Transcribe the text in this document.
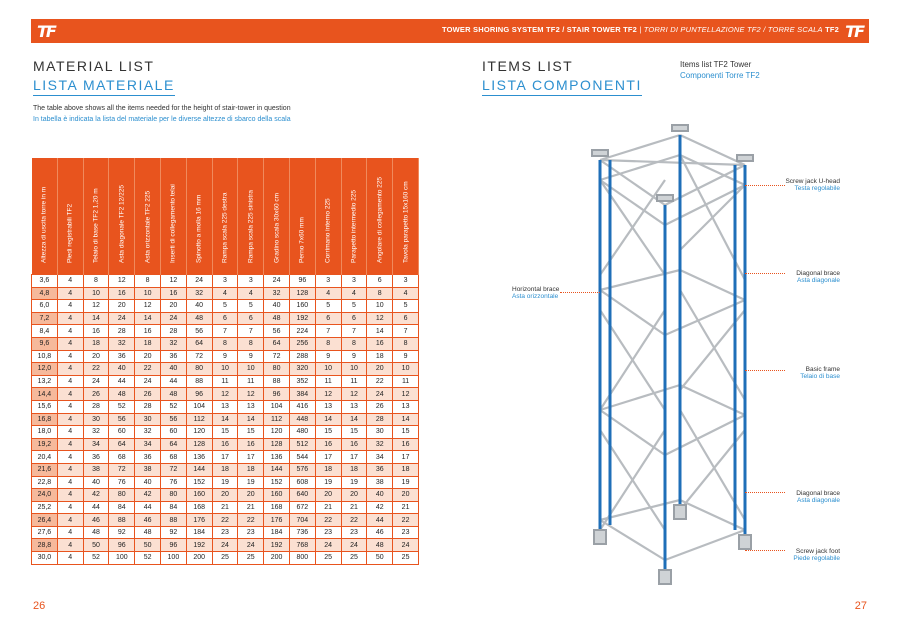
TF	TOWER SHORING SYSTEM TF2 / STAIR TOWER TF2 | TORRI DI PUNTELLAZIONE TF2 / TORRE SCALA TF2 TF
MATERIAL LIST
LISTA MATERIALE
The table above shows all the items needed for the height of stair-tower in question
In tabella è indicata la lista del materiale per le diverse altezze di sbarco della scala
ITEMS LIST
LISTA COMPONENTI
Items list TF2 Tower
Componenti Torre TF2
Altezza di uscita torre in m	Piedi registrabili TF2	Telaio di base TF2 1,20 m	Asta diagonale TF2 12/225	Asta orizzontale TF2 225	Inserti di collegamento telai	Spinotto a molla 16 mm	Rampa scala 225 destra	Rampa scala 225 sinistra	Gradino scala 30x60 cm	Perno 7x60 mm	Corrimano interno 225	Parapetto intermedio 225	Angolare di collegamento 225	Tavola parapetto 15x160 cm

3,6	4	8	12	8	12	24	3	3	24	96	3	3	6	3
4,8	4	10	16	10	16	32	4	4	32	128	4	4	8	4
6,0	4	12	20	12	20	40	5	5	40	160	5	5	10	5
7,2	4	14	24	14	24	48	6	6	48	192	6	6	12	6
8,4	4	16	28	16	28	56	7	7	56	224	7	7	14	7
9,6	4	18	32	18	32	64	8	8	64	256	8	8	16	8
10,8	4	20	36	20	36	72	9	9	72	288	9	9	18	9
12,0	4	22	40	22	40	80	10	10	80	320	10	10	20	10
13,2	4	24	44	24	44	88	11	11	88	352	11	11	22	11
14,4	4	26	48	26	48	96	12	12	96	384	12	12	24	12
15,6	4	28	52	28	52	104	13	13	104	416	13	13	26	13
16,8	4	30	56	30	56	112	14	14	112	448	14	14	28	14
18,0	4	32	60	32	60	120	15	15	120	480	15	15	30	15
19,2	4	34	64	34	64	128	16	16	128	512	16	16	32	16
20,4	4	36	68	36	68	136	17	17	136	544	17	17	34	17
21,6	4	38	72	38	72	144	18	18	144	576	18	18	36	18
22,8	4	40	76	40	76	152	19	19	152	608	19	19	38	19
24,0	4	42	80	42	80	160	20	20	160	640	20	20	40	20
25,2	4	44	84	44	84	168	21	21	168	672	21	21	42	21
26,4	4	46	88	46	88	176	22	22	176	704	22	22	44	22
27,6	4	48	92	48	92	184	23	23	184	736	23	23	46	23
28,8	4	50	96	50	96	192	24	24	192	768	24	24	48	24
30,0	4	52	100	52	100	200	25	25	200	800	25	25	50	25
Screw jack U-head
Testa regolabile
Diagonal brace
Asta diagonale
Horizontal brace
Asta orizzontale
Basic frame
Telaio di base
Diagonal brace
Asta diagonale
Screw jack foot
Piede regolabile
26	27
